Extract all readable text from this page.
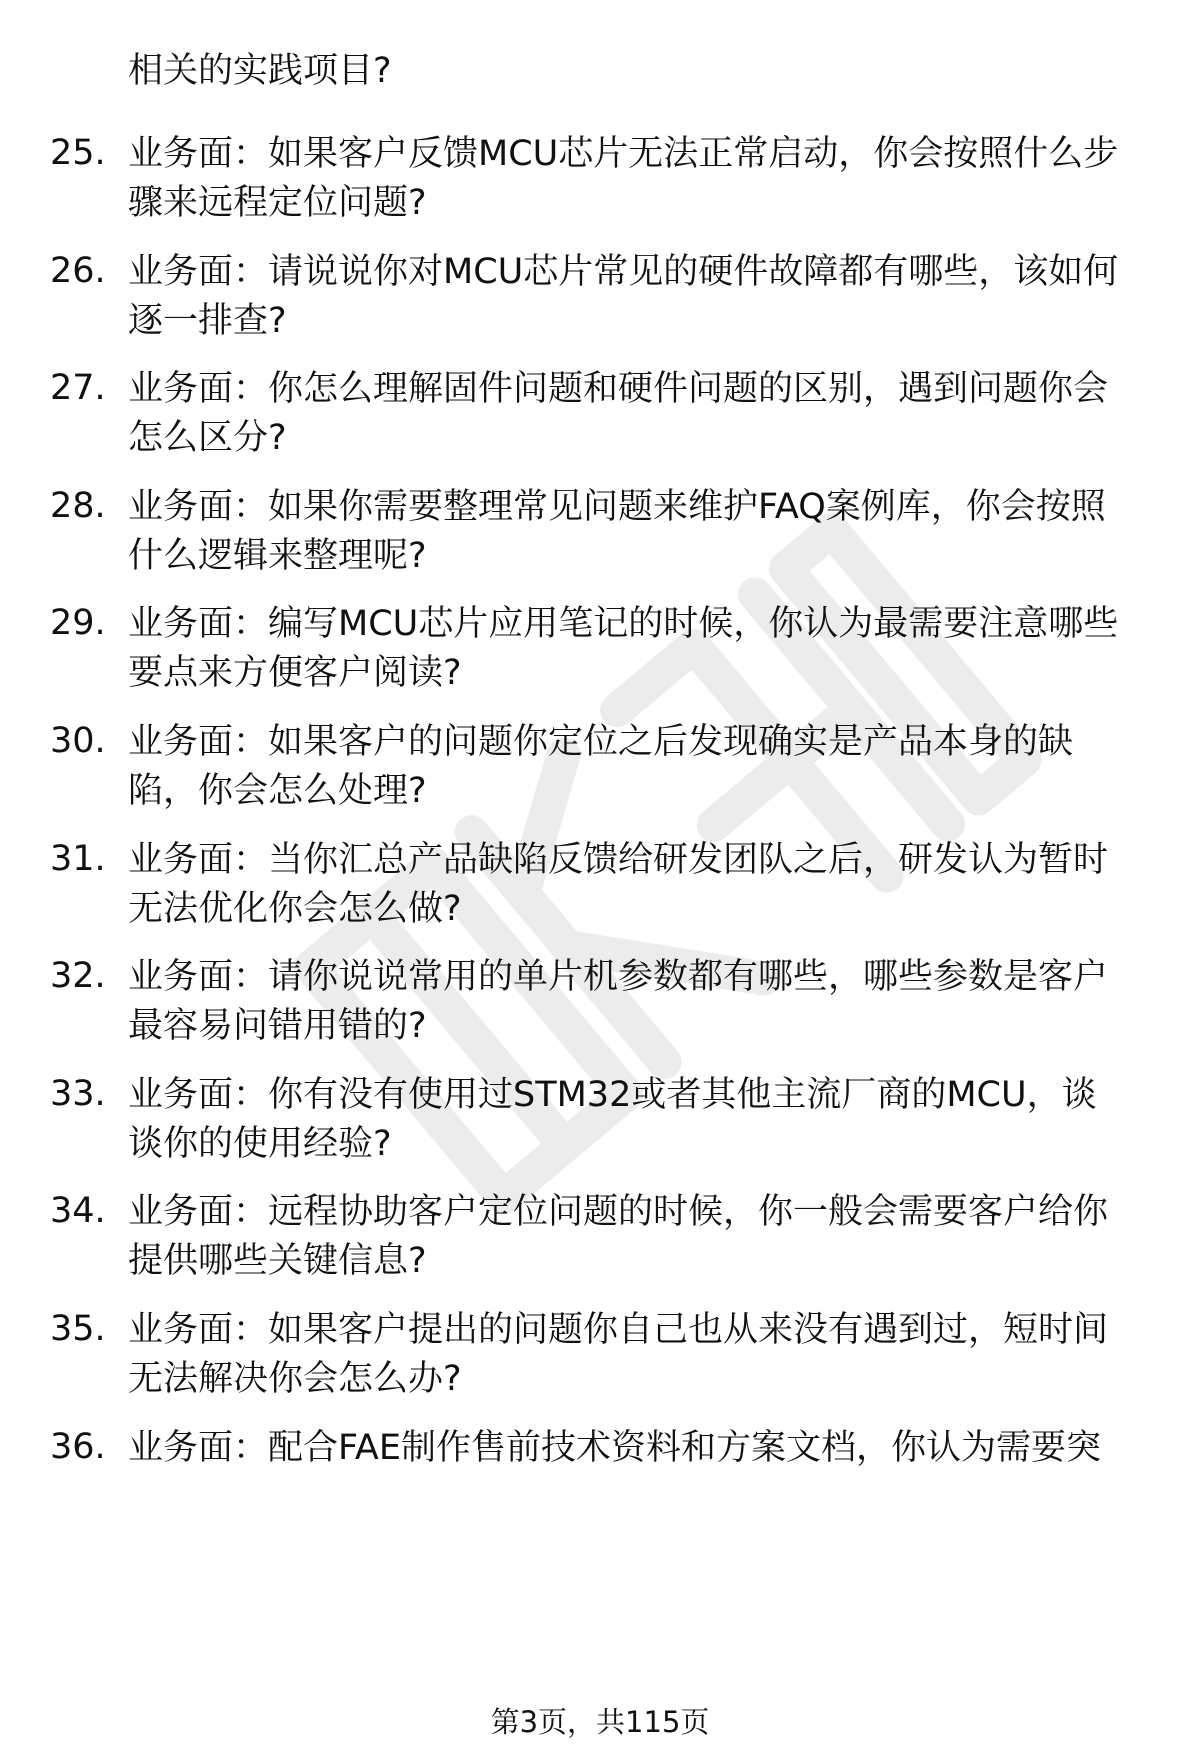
相关的实践项目?
25. 业务面：如果客户反馈MCU芯片无法正常启动，你会按照什么步
骤来远程定位问题?
26. 业务面：请说说你对MCU芯片常见的硬件故障都有哪些，该如何
逐一排查?
27. 业务面：你怎么理解固件问题和硬件问题的区别，遇到问题你会
怎么区分?
28. 业务面：如果你需要整理常见问题来维护FAQ案例库，你会按照
什么逻辑来整理呢?
29. 业务面：编写MCU芯片应用笔记的时候，你认为最需要注意哪些
要点来方便客户阅读?
30. 业务面：如果客户的问题你定位之后发现确实是产品本身的缺
陷，你会怎么处理?
31. 业务面：当你汇总产品缺陷反馈给研发团队之后，研发认为暂时
无法优化你会怎么做?
32. 业务面：请你说说常用的单片机参数都有哪些，哪些参数是客户
最容易问错用错的?
33. 业务面：你有没有使用过STM32或者其他主流厂商的MCU，谈
谈你的使用经验?
34. 业务面：远程协助客户定位问题的时候，你一般会需要客户给你
提供哪些关键信息?
35. 业务面：如果客户提出的问题你自己也从来没有遇到过，短时间
无法解决你会怎么办?
36. 业务面：配合FAE制作售前技术资料和方案文档，你认为需要突
第3页，共115页
